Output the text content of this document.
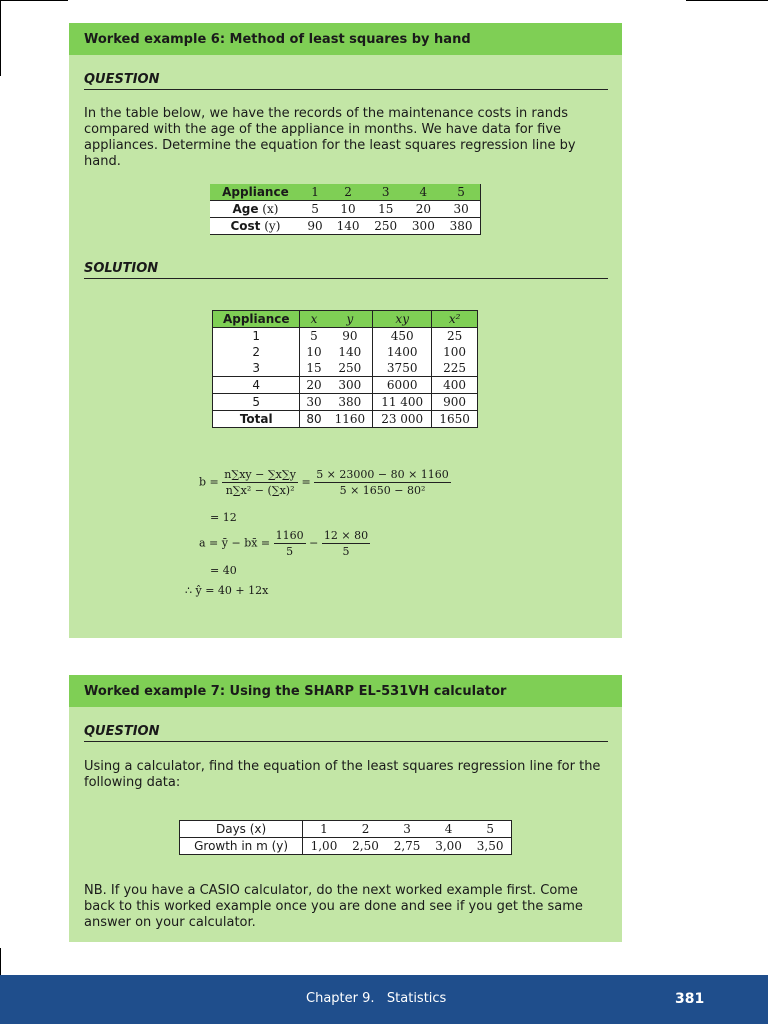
Worked example 6: Method of least squares by hand
QUESTION
In the table below, we have the records of the maintenance costs in rands compared with the age of the appliance in months. We have data for five appliances. Determine the equation for the least squares regression line by hand.
Appliance	1	2	3	4	5
Age (x)	5	10	15	20	30
Cost (y)	90	140	250	300	380
SOLUTION
Appliance	x	y	xy	x²
1	5	90	450	25
2	10	140	1400	100
3	15	250	3750	225
4	20	300	6000	400
5	30	380	11 400	900
Total	80	1160	23 000	1650
$b = \frac{n\sum xy - \sum x\sum y}{\text{n∑x² − (∑x)²}} = \frac{5 \times 23000 - 80 \times 1160}{\text{5 × 1650 − 80²}}$
= 12
a = ȳ − bx̄ = $\frac{1160}{5} - \frac{12 \times 80}{5}$
= 40
∴ ŷ = 40 + 12x
Worked example 7: Using the SHARP EL-531VH calculator
QUESTION
Using a calculator, find the equation of the least squares regression line for the following data:
Days (x)	1	2	3	4	5
Growth in m (y)	1,00	2,50	2,75	3,00	3,50
NB. If you have a CASIO calculator, do the next worked example first. Come back to this worked example once you are done and see if you get the same answer on your calculator.
Chapter 9.   Statistics	381
